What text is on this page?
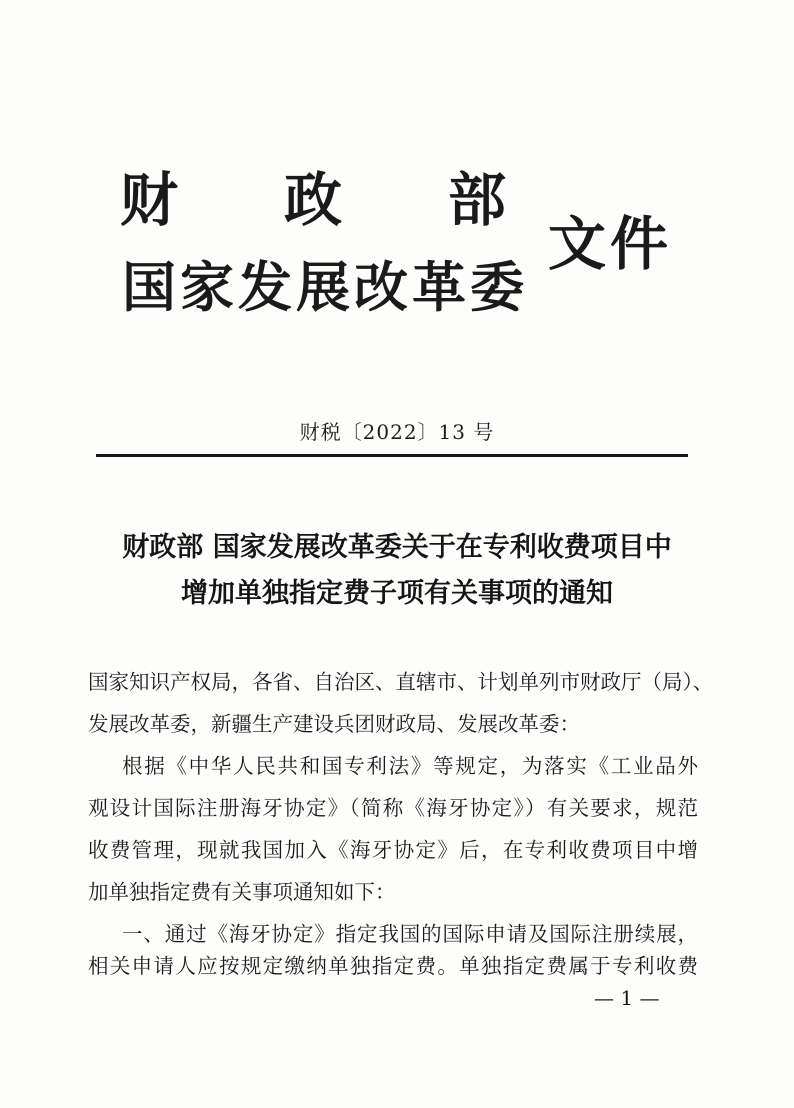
财政部
国家发展改革委
文件
财税〔2022〕13 号
财政部 国家发展改革委关于在专利收费项目中
增加单独指定费子项有关事项的通知
国家知识产权局，各省、自治区、直辖市、计划单列市财政厅（局）、
发展改革委，新疆生产建设兵团财政局、发展改革委：
根据《中华人民共和国专利法》等规定，为落实《工业品外
观设计国际注册海牙协定》（简称《海牙协定》）有关要求，规范
收费管理，现就我国加入《海牙协定》后，在专利收费项目中增
加单独指定费有关事项通知如下：
一、通过《海牙协定》指定我国的国际申请及国际注册续展，
相关申请人应按规定缴纳单独指定费。单独指定费属于专利收费
— 1 —
